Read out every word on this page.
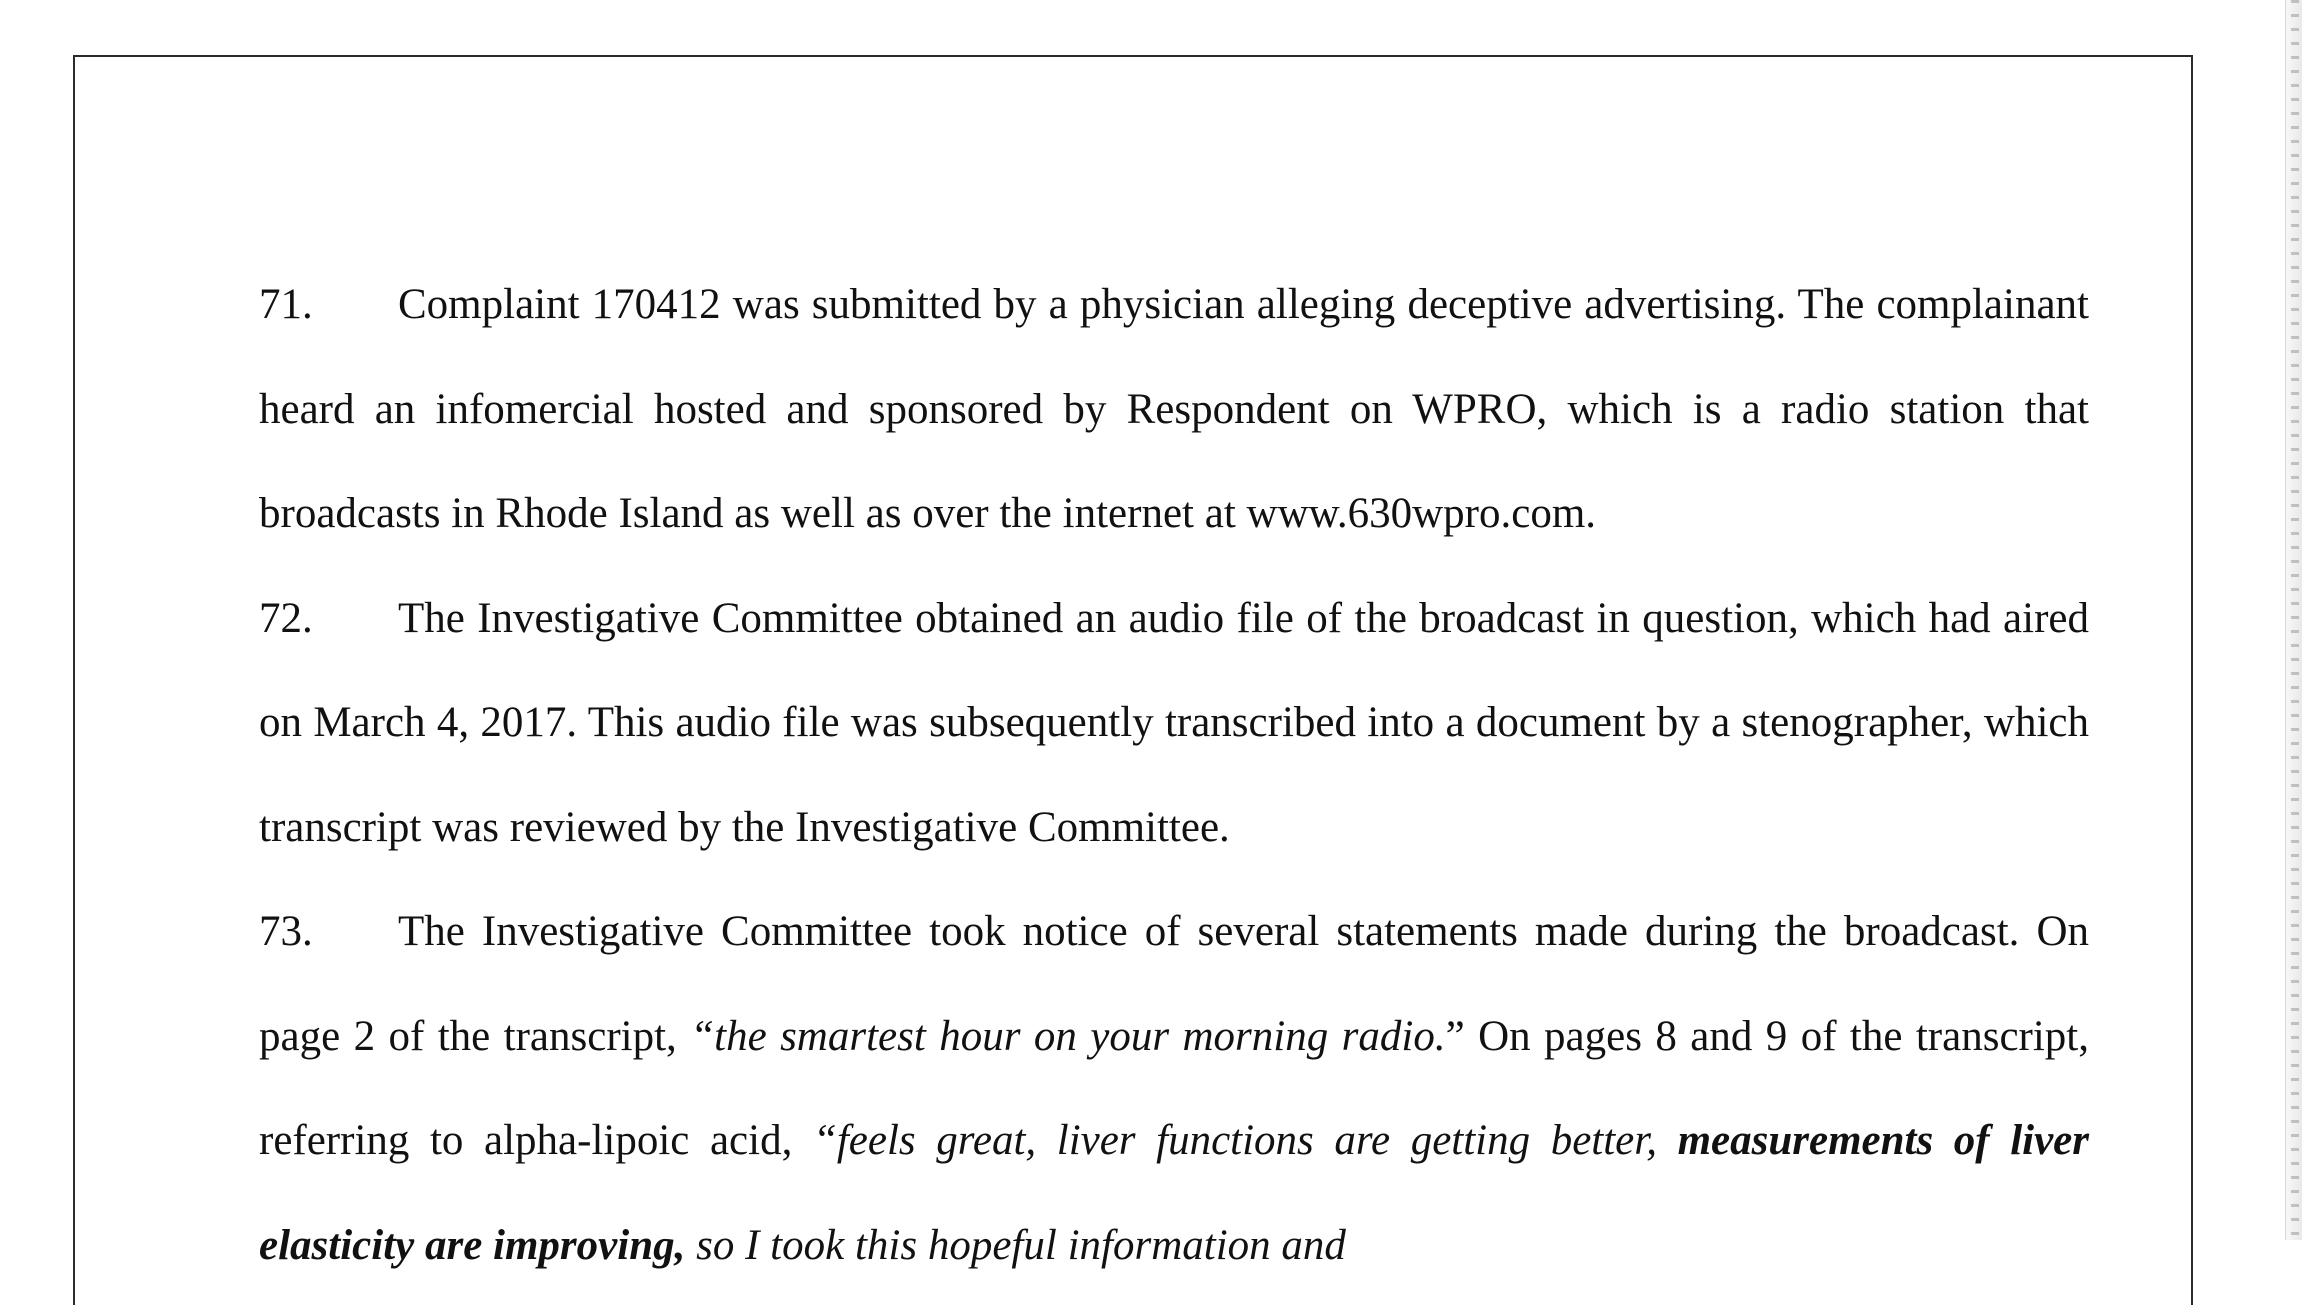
71. Complaint 170412 was submitted by a physician alleging deceptive advertising. The complainant heard an infomercial hosted and sponsored by Respondent on WPRO, which is a radio station that broadcasts in Rhode Island as well as over the internet at www.630wpro.com.

72. The Investigative Committee obtained an audio file of the broadcast in question, which had aired on March 4, 2017. This audio file was subsequently transcribed into a document by a stenographer, which transcript was reviewed by the Investigative Committee.

73. The Investigative Committee took notice of several statements made during the broadcast. On page 2 of the transcript, “the smartest hour on your morning radio.” On pages 8 and 9 of the transcript, referring to alpha-lipoic acid, “feels great, liver functions are getting better, measurements of liver elasticity are improving, so I took this hopeful information and
